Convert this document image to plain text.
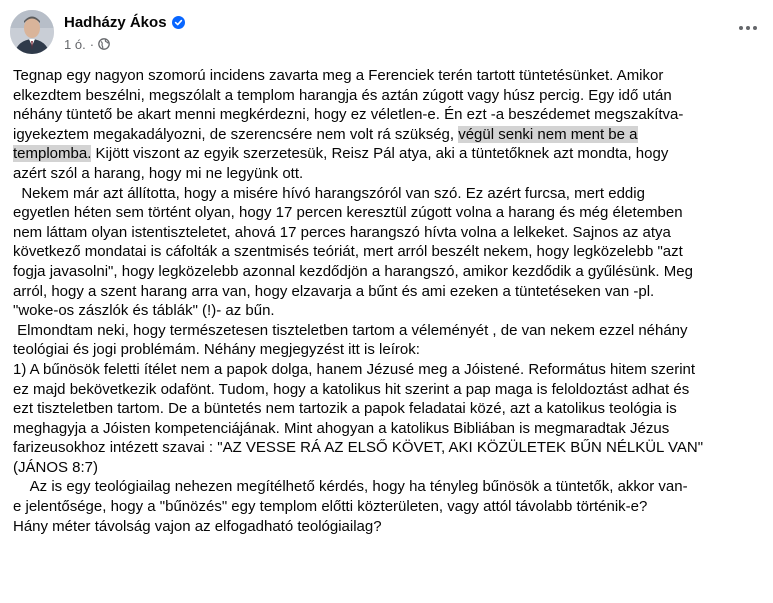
Hadházy Ákos
1 ó. ·
Tegnap egy nagyon szomorú incidens zavarta meg a Ferenciek terén tartott tüntetésünket. Amikor
elkezdtem beszélni, megszólalt a templom harangja és aztán zúgott vagy húsz percig. Egy idő után
néhány tüntető be akart menni megkérdezni, hogy ez véletlen-e. Én ezt -a beszédemet megszakítva-
igyekeztem megakadályozni, de szerencsére nem volt rá szükség, végül senki nem ment be a
templomba. Kijött viszont az egyik szerzetesük, Reisz Pál atya, aki a tüntetőknek azt mondta, hogy
azért szól a harang, hogy mi ne legyünk ott.
Nekem már azt állította, hogy a misére hívó harangszóról van szó. Ez azért furcsa, mert eddig
egyetlen héten sem történt olyan, hogy 17 percen keresztül zúgott volna a harang és még életemben
nem láttam olyan istentiszteletet, ahová 17 perces harangszó hívta volna a lelkeket. Sajnos az atya
következő mondatai is cáfolták a szentmisés teóriát, mert arról beszélt nekem, hogy legközelebb "azt
fogja javasolni", hogy legközelebb azonnal kezdődjön a harangszó, amikor kezdődik a gyűlésünk. Meg
arról, hogy a szent harang arra van, hogy elzavarja a bűnt és ami ezeken a tüntetéseken van -pl.
"woke-os zászlók és táblák" (!)- az bűn.
Elmondtam neki, hogy természetesen tiszteletben tartom a véleményét , de van nekem ezzel néhány
teológiai és jogi problémám. Néhány megjegyzést itt is leírok:
1) A bűnösök feletti ítélet nem a papok dolga, hanem Jézusé meg a Jóistené. Református hitem szerint
ez majd bekövetkezik odafönt. Tudom, hogy a katolikus hit szerint a pap maga is feloldoztást adhat és
ezt tiszteletben tartom. De a büntetés nem tartozik a papok feladatai közé, azt a katolikus teológia is
meghagyja a Jóisten kompetenciájának. Mint ahogyan a katolikus Bibliában is megmaradtak Jézus
farizeusokhoz intézett szavai : "AZ VESSE RÁ AZ ELSŐ KÖVET, AKI KÖZÜLETEK BŰN NÉLKÜL VAN"
(JÁNOS 8:7)
Az is egy teológiailag nehezen megítélhető kérdés, hogy ha tényleg bűnösök a tüntetők, akkor van-
e jelentősége, hogy a "bűnözés" egy templom előtti közterületen, vagy attól távolabb történik-e?
Hány méter távolság vajon az elfogadható teológiailag?
